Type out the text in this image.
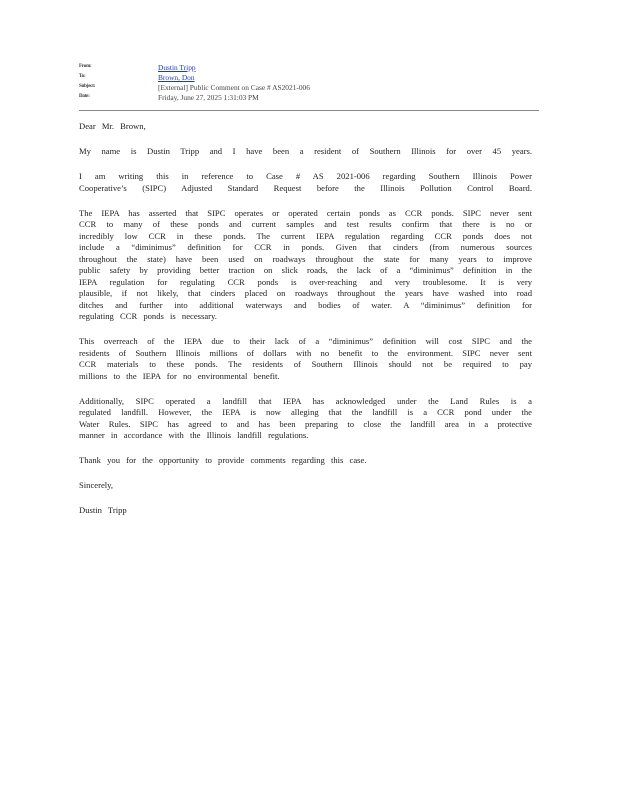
From:	Dustin Tripp
To:	Brown, Don
Subject:	[External] Public Comment on Case # AS2021-006
Date:	Friday, June 27, 2025 1:31:03 PM
Dear Mr. Brown,
My name is Dustin Tripp and I have been a resident of Southern Illinois for over 45 years.
I am writing this in reference to Case # AS 2021-006 regarding Southern Illinois Power
Cooperative’s (SIPC) Adjusted Standard Request before the Illinois Pollution Control Board.
The IEPA has asserted that SIPC operates or operated certain ponds as CCR ponds. SIPC never sent
CCR to many of these ponds and current samples and test results confirm that there is no or
incredibly low CCR in these ponds. The current IEPA regulation regarding CCR ponds does not
include a “diminimus” definition for CCR in ponds. Given that cinders (from numerous sources
throughout the state) have been used on roadways throughout the state for many years to improve
public safety by providing better traction on slick roads, the lack of a “diminimus” definition in the
IEPA regulation for regulating CCR ponds is over-reaching and very troublesome. It is very
plausible, if not likely, that cinders placed on roadways throughout the years have washed into road
ditches and further into additional waterways and bodies of water. A “diminimus” definition for
regulating CCR ponds is necessary.
This overreach of the IEPA due to their lack of a “diminimus” definition will cost SIPC and the
residents of Southern Illinois millions of dollars with no benefit to the environment. SIPC never sent
CCR materials to these ponds. The residents of Southern Illinois should not be required to pay
millions to the IEPA for no environmental benefit.
Additionally, SIPC operated a landfill that IEPA has acknowledged under the Land Rules is a
regulated landfill. However, the IEPA is now alleging that the landfill is a CCR pond under the
Water Rules. SIPC has agreed to and has been preparing to close the landfill area in a protective
manner in accordance with the Illinois landfill regulations.
Thank you for the opportunity to provide comments regarding this case.
Sincerely,
Dustin Tripp
